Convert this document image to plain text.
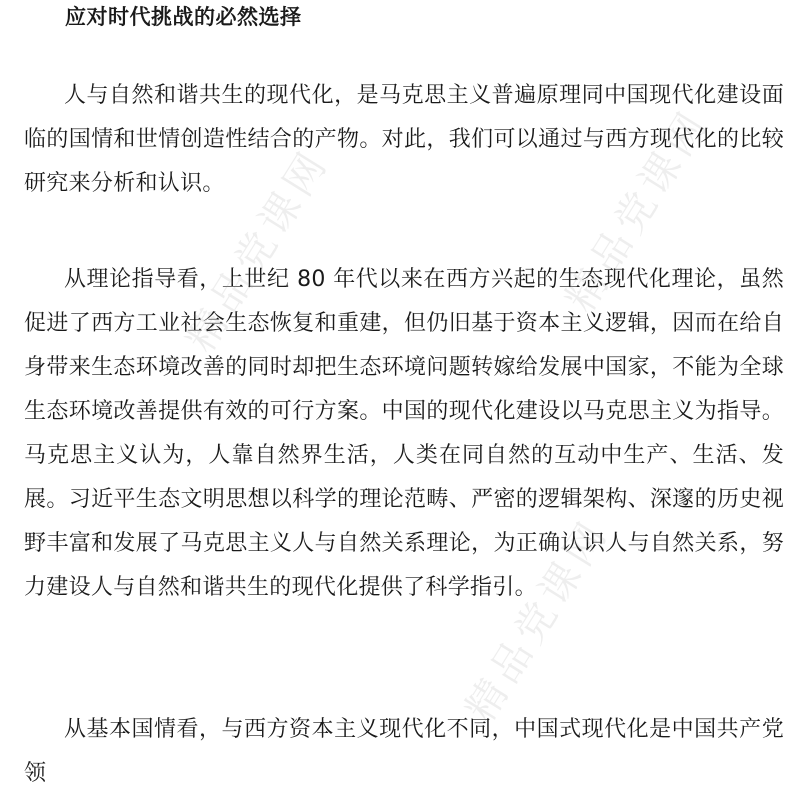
应对时代挑战的必然选择

人与自然和谐共生的现代化，是马克思主义普遍原理同中国现代化建设面临的国情和世情创造性结合的产物。对此，我们可以通过与西方现代化的比较研究来分析和认识。

从理论指导看，上世纪 80 年代以来在西方兴起的生态现代化理论，虽然促进了西方工业社会生态恢复和重建，但仍旧基于资本主义逻辑，因而在给自身带来生态环境改善的同时却把生态环境问题转嫁给发展中国家，不能为全球生态环境改善提供有效的可行方案。中国的现代化建设以马克思主义为指导。马克思主义认为，人靠自然界生活，人类在同自然的互动中生产、生活、发展。习近平生态文明思想以科学的理论范畴、严密的逻辑架构、深邃的历史视野丰富和发展了马克思主义人与自然关系理论，为正确认识人与自然关系，努力建设人与自然和谐共生的现代化提供了科学指引。

从基本国情看，与西方资本主义现代化不同，中国式现代化是中国共产党领

精品党课网	精品党课网
精品党课网
